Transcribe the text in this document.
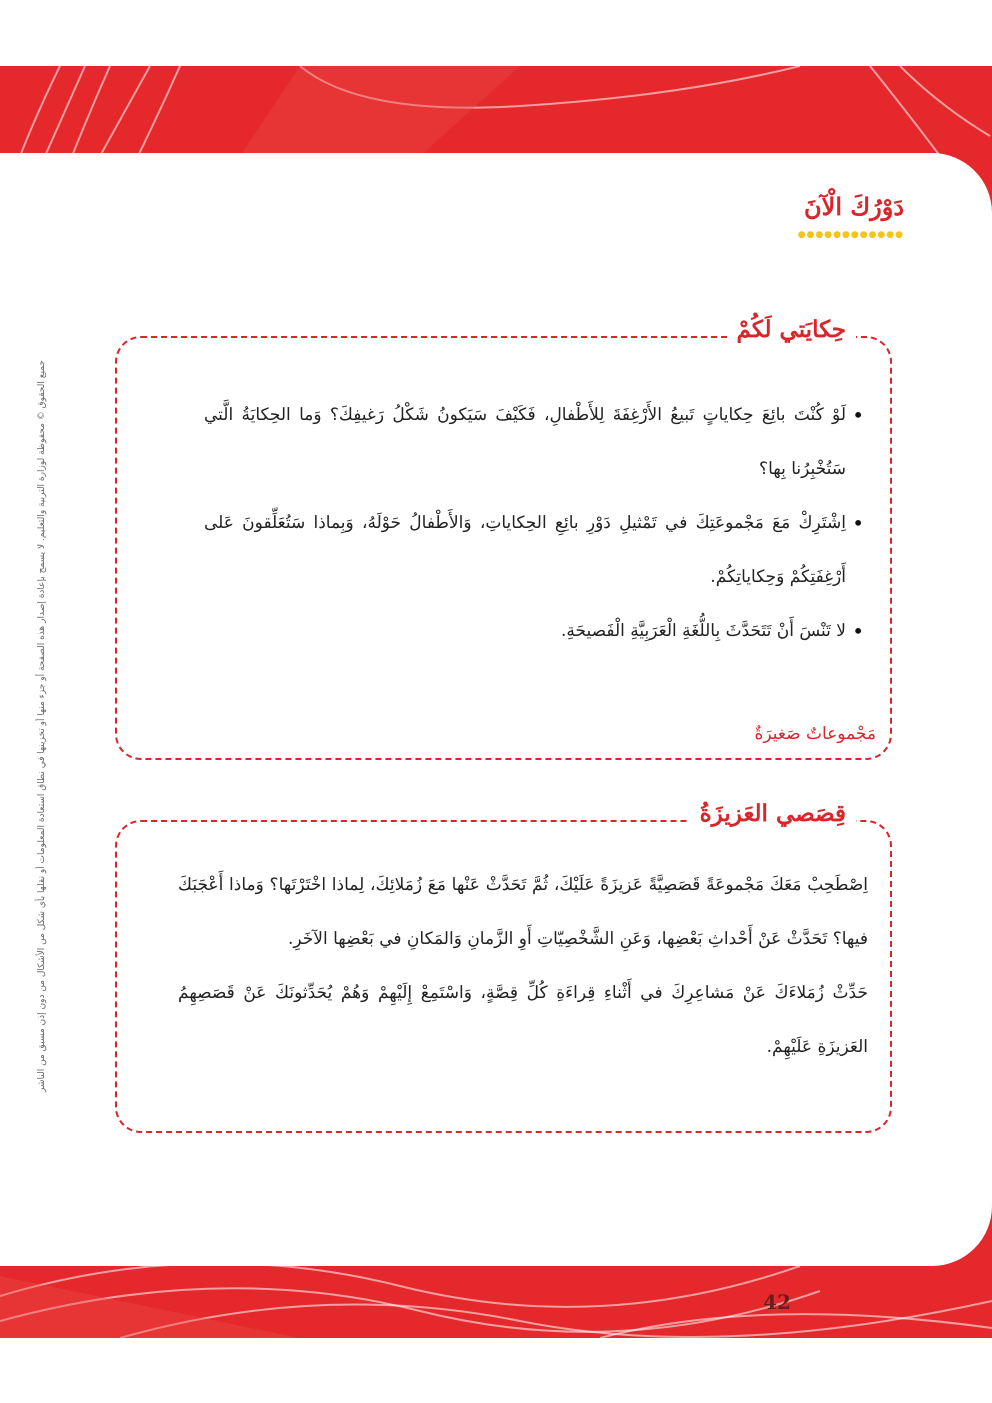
جميع الحقوق © محفوظة لوزارة التربية والتعليم. لا يسمح بإعادة إصدار هذه الصفحة أو جزء منها أو تخزينها في نطاق استعادة المعلومات أو نقلها بأي شكل من الأشكال من دون إذن مسبق من الناشر
دَوْرُكَ الْآنَ
●●●●●●●●●●●●
حِكايَتي لَكُمْ
• لَوْ كُنْتَ بائِعَ حِكاياتٍ تَبيعُ الأَرْغِفَةَ لِلأَطْفالِ، فَكَيْفَ سَيَكونُ شَكْلُ رَغيفِكَ؟ وَما الحِكايَةُ الَّتي سَتُخْبِرُنا بِها؟
• اِشْتَرِكْ مَعَ مَجْموعَتِكَ في تَمْثيلِ دَوْرِ بائِعِ الحِكاياتِ، وَالأَطْفالُ حَوْلَهُ، وَبِماذا سَتُعَلِّقونَ عَلى أَرْغِفَتِكُمْ وَحِكاياتِكُمْ.
• لا تَنْسَ أَنْ تَتَحَدَّثَ بِاللُّغَةِ الْعَرَبِيَّةِ الْفَصيحَةِ.
مَجْموعاتٌ صَغيرَةٌ
قِصَصي العَزيزَةُ

اِصْطَحِبْ مَعَكَ مَجْموعَةً قَصَصِيَّةً عَزيزَةً عَلَيْكَ، ثُمَّ تَحَدَّثْ عَنْها مَعَ زُمَلائِكَ، لِماذا اخْتَرْتَها؟ وَماذا أَعْجَبَكَ فيها؟ تَحَدَّثْ عَنْ أَحْداثِ بَعْضِها، وَعَنِ الشَّخْصِيّاتِ أَوِ الزَّمانِ وَالمَكانِ في بَعْضِها الآخَرِ.

حَدِّثْ زُمَلاءَكَ عَنْ مَشاعِرِكَ في أَثْناءِ قِراءَةِ كُلِّ قِصَّةٍ، وَاسْتَمِعْ إِلَيْهِمْ وَهُمْ يُحَدِّثونَكَ عَنْ قَصَصِهِمُ العَزيزَةِ عَلَيْهِمْ.

42
